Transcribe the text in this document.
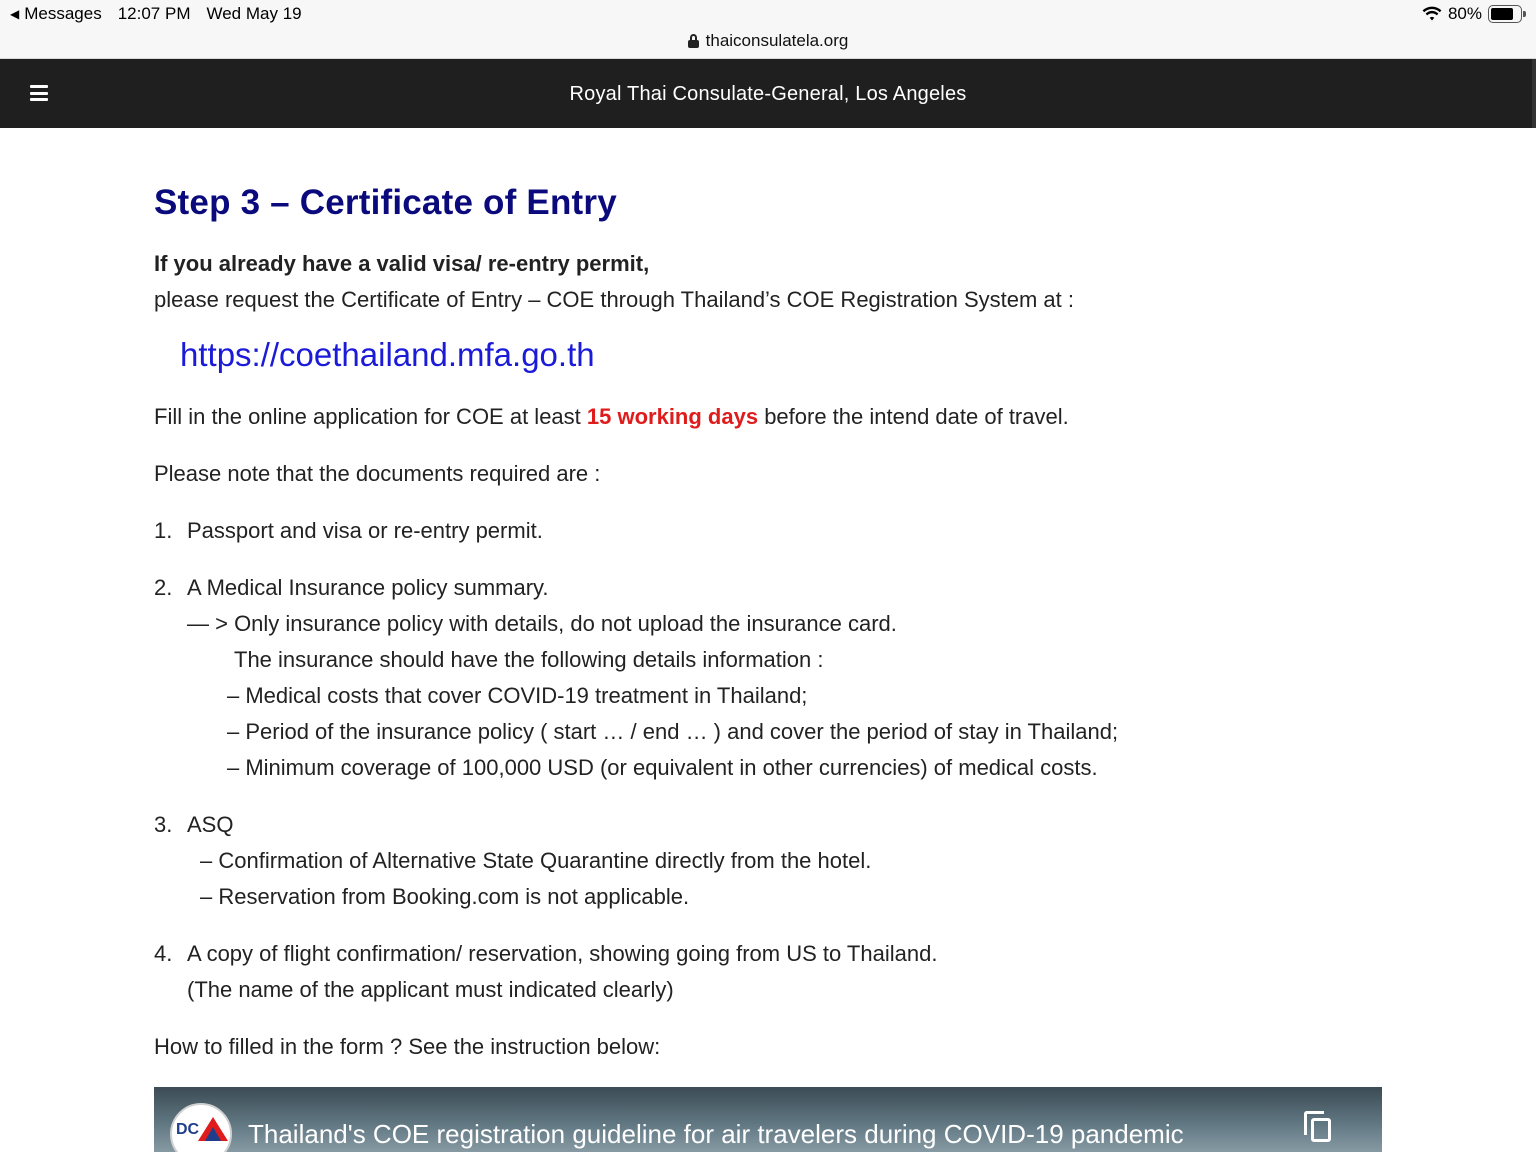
◀ Messages 12:07 PM Wed May 19	80%
thaiconsulatela.org
Royal Thai Consulate-General, Los Angeles
Step 3 – Certificate of Entry
If you already have a valid visa/ re-entry permit,
please request the Certificate of Entry – COE through Thailand’s COE Registration System at :
https://coethailand.mfa.go.th
Fill in the online application for COE at least 15 working days before the intend date of travel.
Please note that the documents required are :
1. Passport and visa or re-entry permit.
2. A Medical Insurance policy summary.
— > Only insurance policy with details, do not upload the insurance card.
The insurance should have the following details information :
– Medical costs that cover COVID-19 treatment in Thailand;
– Period of the insurance policy ( start … / end … ) and cover the period of stay in Thailand;
– Minimum coverage of 100,000 USD (or equivalent in other currencies) of medical costs.
3. ASQ
– Confirmation of Alternative State Quarantine directly from the hotel.
– Reservation from Booking.com is not applicable.
4. A copy of flight confirmation/ reservation, showing going from US to Thailand.
(The name of the applicant must indicated clearly)
How to filled in the form ? See the instruction below:
DC Thailand's COE registration guideline for air travelers during COVID-19 pandemic
